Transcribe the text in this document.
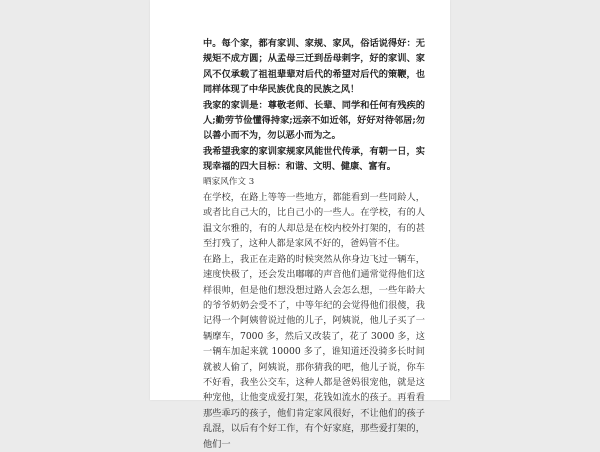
中。每个家，都有家训、家规、家风，俗话说得好：无规矩不成方圆；从孟母三迁到岳母刺字，好的家训、家风不仅承载了祖祖辈辈对后代的希望对后代的策鞭，也同样体现了中华民族优良的民族之风！

我家的家训是：尊敬老师、长辈、同学和任何有残疾的人;勤劳节俭懂得持家;远亲不如近邻，好好对待邻居;勿以善小而不为，勿以恶小而为之。

我希望我家的家训家规家风能世代传承，有朝一日，实现幸福的四大目标：和谐、文明、健康、富有。

晒家风作文 3

在学校，在路上等等一些地方，都能看到一些同龄人，或者比自己大的，比自己小的一些人。在学校，有的人温文尔雅的，有的人却总是在校内校外打架的，有的甚至打残了，这种人都是家风不好的，爸妈管不住。

在路上，我正在走路的时候突然从你身边飞过一辆车，速度快极了，还会发出嘟嘟的声音他们通常觉得他们这样很帅，但是他们想没想过路人会怎么想，一些年龄大的爷爷奶奶会受不了，中等年纪的会觉得他们很傻，我记得一个阿姨曾说过他的儿子，阿姨说，他儿子买了一辆摩车，7000 多，然后又改装了，花了 3000 多，这一辆车加起来就 10000 多了，谁知道还没骑多长时间就被人偷了，阿姨说，那你猜我的吧，他儿子说，你车不好看，我坐公交车，这种人都是爸妈很宠他，就是这种宠他，让他变成爱打架，花钱如流水的孩子。再看看那些乖巧的孩子，他们肯定家风很好，不让他们的孩子乱混，以后有个好工作，有个好家庭，那些爱打架的，他们一
